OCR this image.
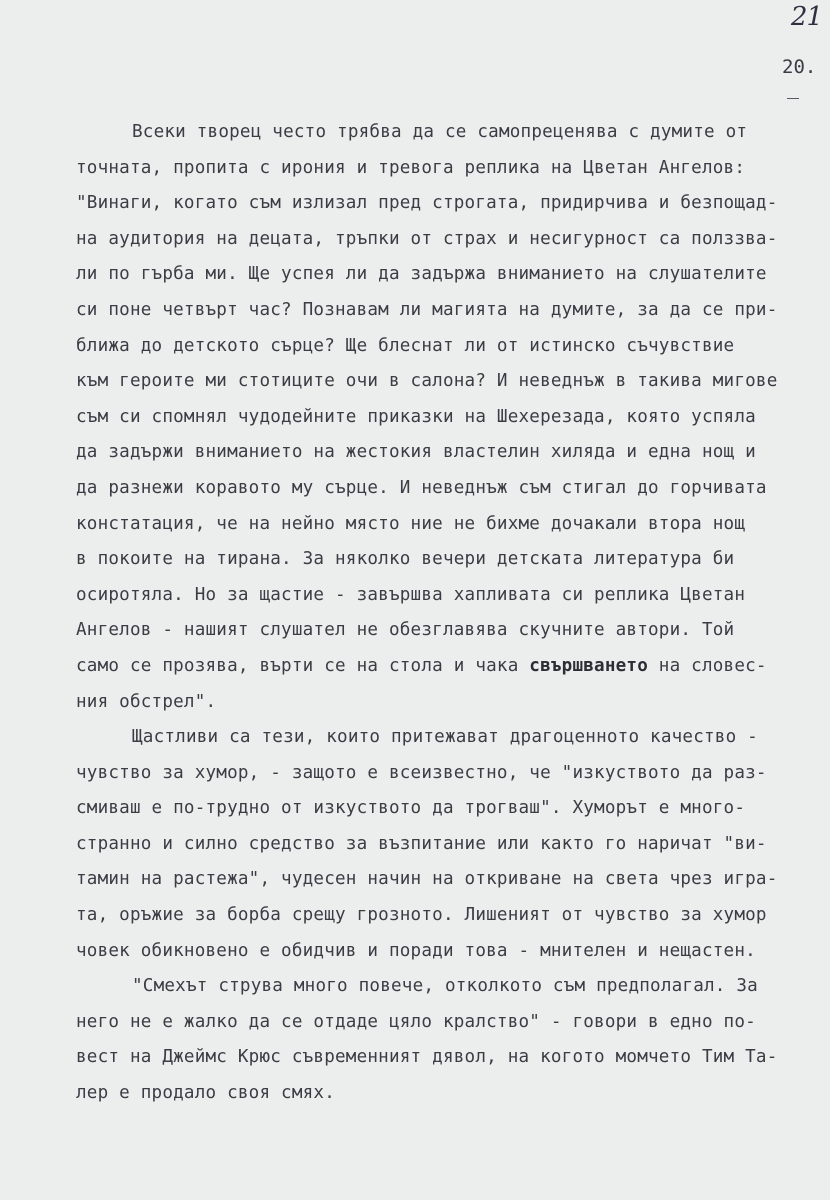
21
20.
Всеки творец често трябва да се самопреценява с думите от
точната, пропита с ирония и тревога реплика на Цветан Ангелов:
"Винаги, когато съм излизал пред строгата, придирчива и безпощад-
на аудитория на децата, тръпки от страх и несигурност са полззва-
ли по гърба ми. Ще успея ли да задържа вниманието на слушателите
си поне четвърт час? Познавам ли магията на думите, за да се при-
ближа до детското сърце? Ще блеснат ли от истинско съчувствие
към героите ми стотиците очи в салона? И неведнъж в такива мигове
съм си спомнял чудодейните приказки на Шехерезада, която успяла
да задържи вниманието на жестокия властелин хиляда и една нощ и
да разнежи коравото му сърце. И неведнъж съм стигал до горчивата
констатация, че на нейно място ние не бихме дочакали втора нощ
в покоите на тирана. За няколко вечери детската литература би
осиротяла. Но за щастие - завършва хапливата си реплика Цветан
Ангелов - нашият слушател не обезглавява скучните автори. Той
само се прозява, върти се на стола и чака свършването на словес-
ния обстрел".
Щастливи са тези, които притежават драгоценното качество -
чувство за хумор, - защото е всеизвестно, че "изкуството да раз-
смиваш е по-трудно от изкуството да трогваш". Хуморът е много-
странно и силно средство за възпитание или както го наричат "ви-
тамин на растежа", чудесен начин на откриване на света чрез игра-
та, оръжие за борба срещу грозното. Лишеният от чувство за хумор
човек обикновено е обидчив и поради това - мнителен и нещастен.
"Смехът струва много повече, отколкото съм предполагал. За
него не е жалко да се отдаде цяло кралство" - говори в едно по-
вест на Джеймс Крюс съвременният дявол, на когото момчето Тим Та-
лер е продало своя смях.
